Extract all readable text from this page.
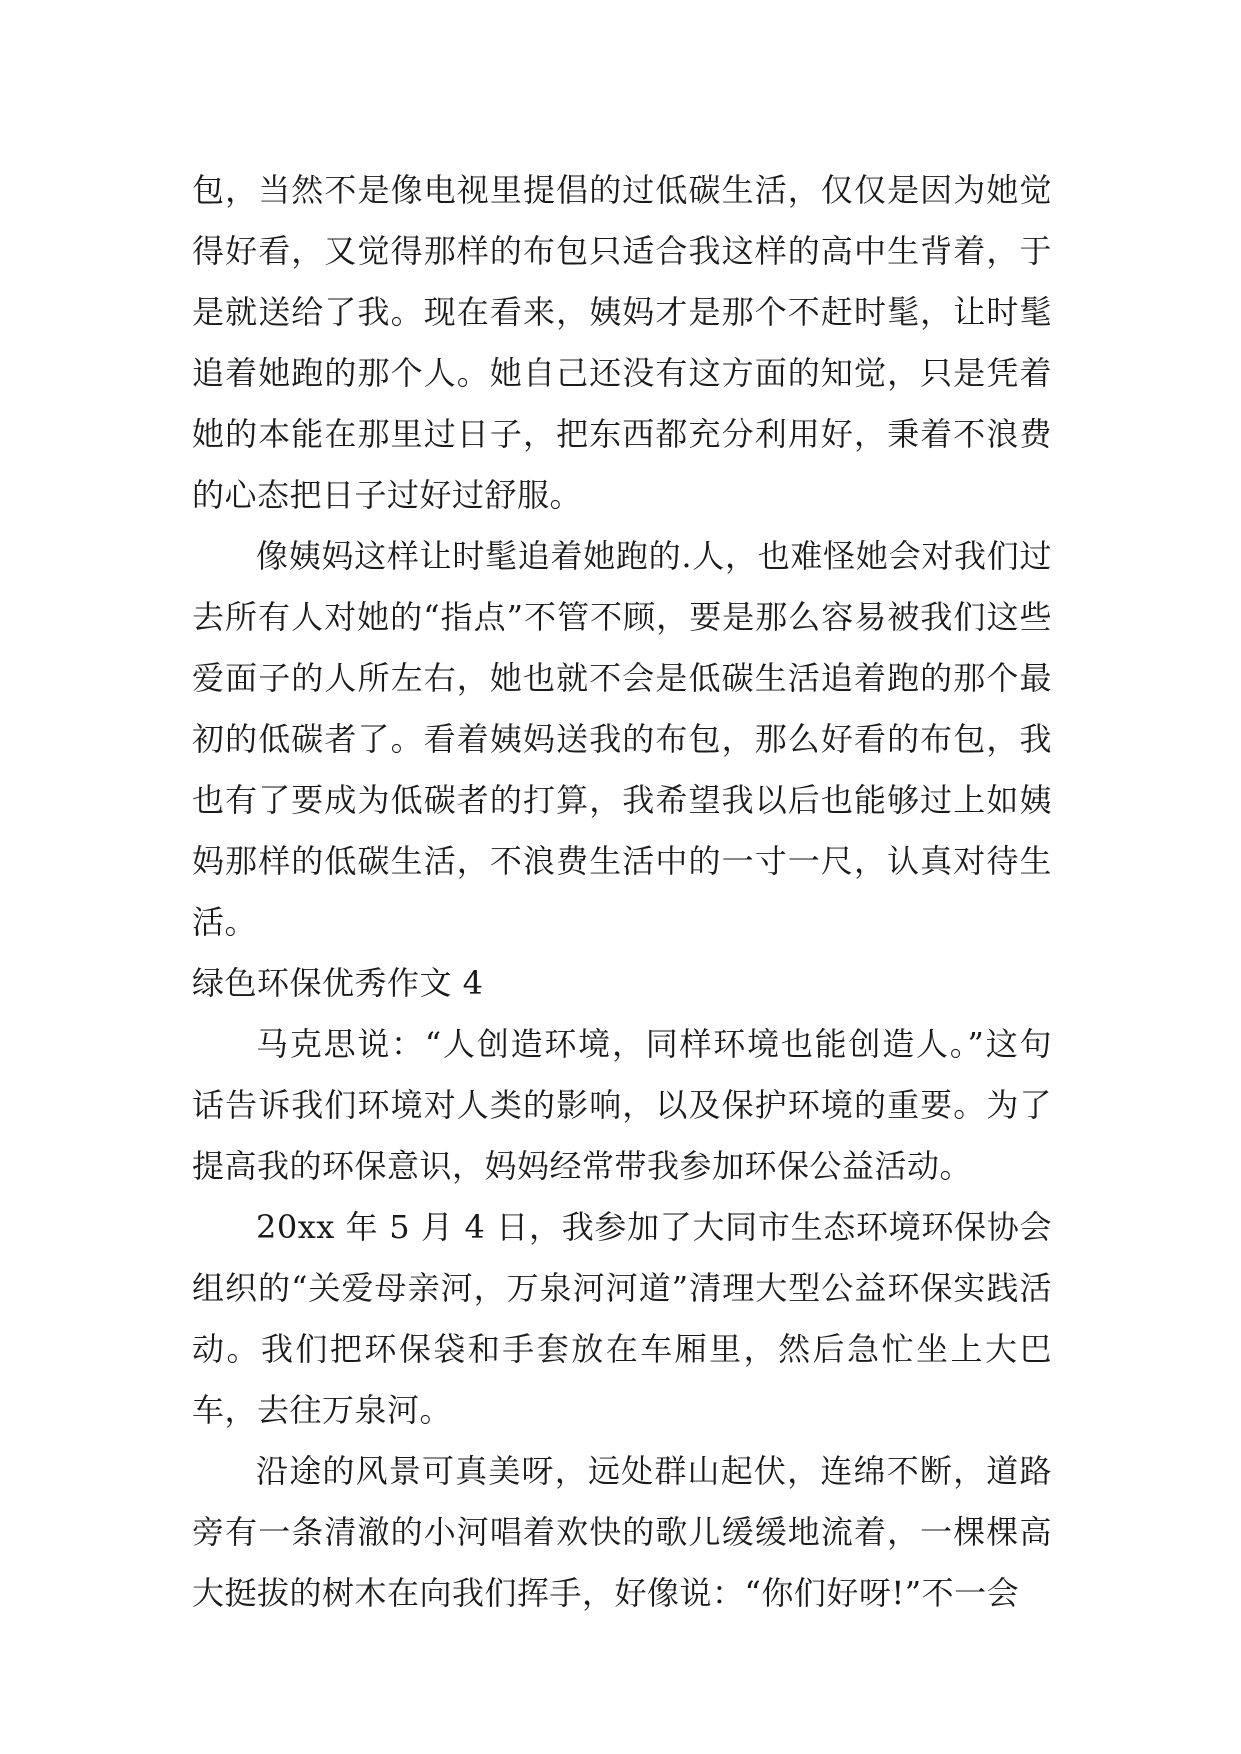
包，当然不是像电视里提倡的过低碳生活，仅仅是因为她觉得好看，又觉得那样的布包只适合我这样的高中生背着，于是就送给了我。现在看来，姨妈才是那个不赶时髦，让时髦追着她跑的那个人。她自己还没有这方面的知觉，只是凭着她的本能在那里过日子，把东西都充分利用好，秉着不浪费的心态把日子过好过舒服。

像姨妈这样让时髦追着她跑的.人，也难怪她会对我们过去所有人对她的“指点”不管不顾，要是那么容易被我们这些爱面子的人所左右，她也就不会是低碳生活追着跑的那个最初的低碳者了。看着姨妈送我的布包，那么好看的布包，我也有了要成为低碳者的打算，我希望我以后也能够过上如姨妈那样的低碳生活，不浪费生活中的一寸一尺，认真对待生活。

绿色环保优秀作文 4

马克思说：“人创造环境，同样环境也能创造人。”这句话告诉我们环境对人类的影响，以及保护环境的重要。为了提高我的环保意识，妈妈经常带我参加环保公益活动。

20xx 年 5 月 4 日，我参加了大同市生态环境环保协会组织的“关爱母亲河，万泉河河道”清理大型公益环保实践活动。我们把环保袋和手套放在车厢里，然后急忙坐上大巴车，去往万泉河。

沿途的风景可真美呀，远处群山起伏，连绵不断，道路旁有一条清澈的小河唱着欢快的歌儿缓缓地流着，一棵棵高大挺拔的树木在向我们挥手，好像说：“你们好呀!”不一会
